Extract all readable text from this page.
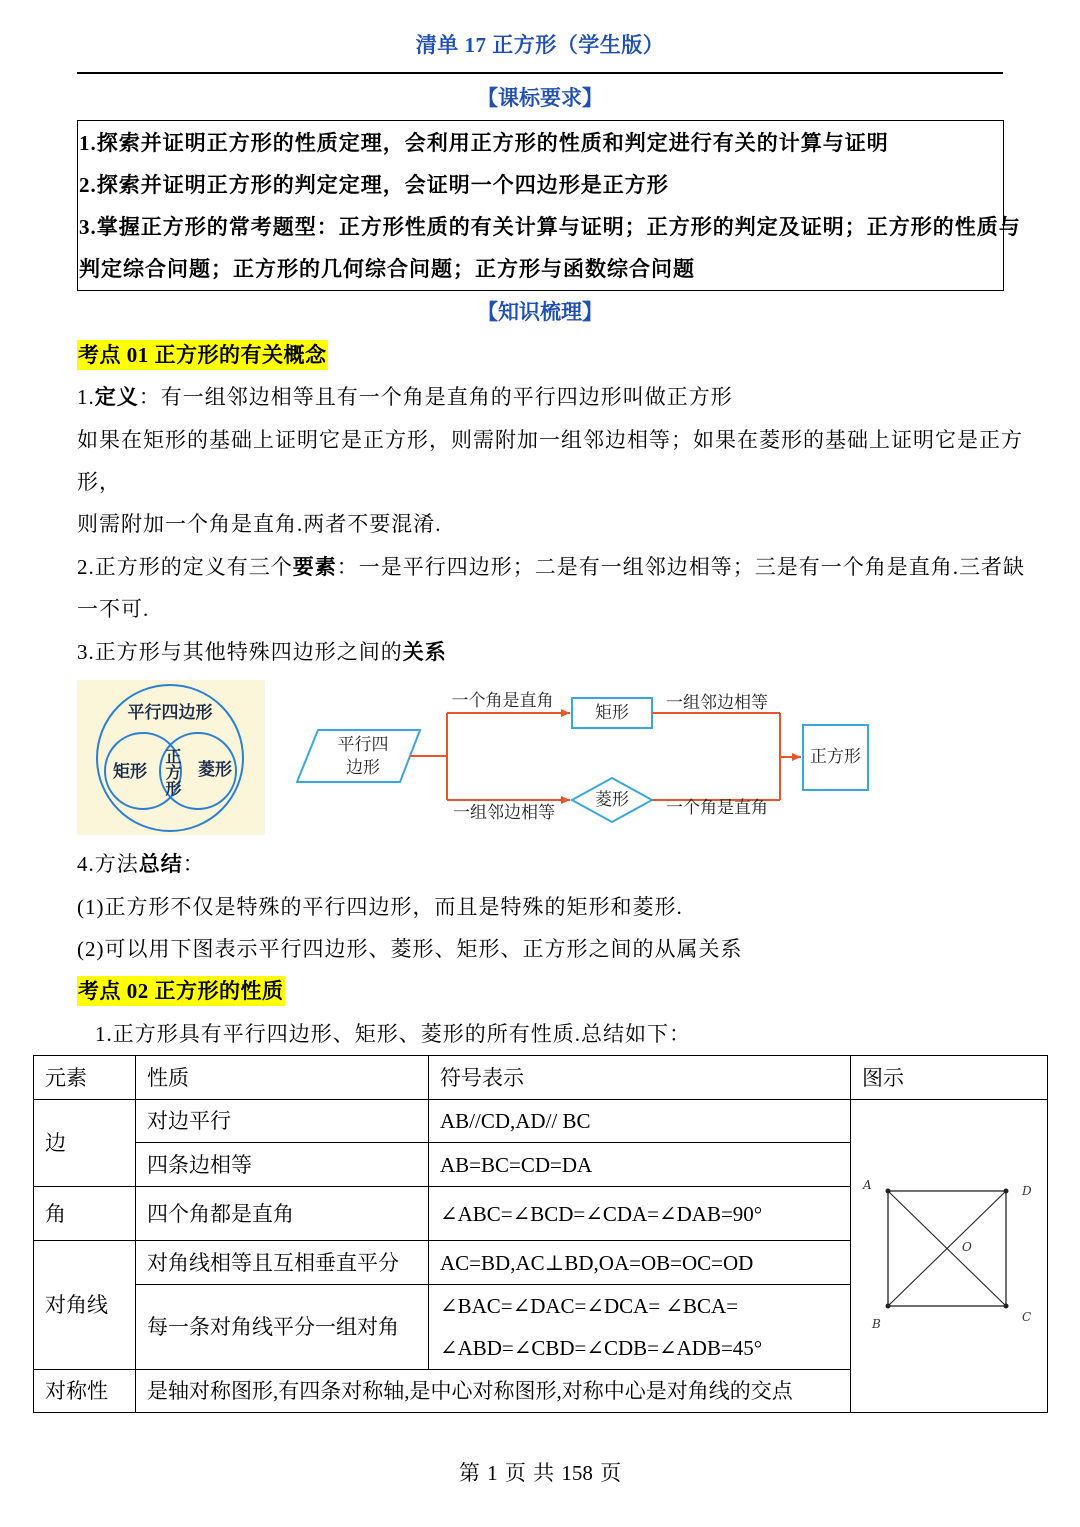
清单 17 正方形（学生版）
【课标要求】
1.探索并证明正方形的性质定理，会利用正方形的性质和判定进行有关的计算与证明
2.探索并证明正方形的判定定理，会证明一个四边形是正方形
3.掌握正方形的常考题型：正方形性质的有关计算与证明；正方形的判定及证明；正方形的性质与
判定综合问题；正方形的几何综合问题；正方形与函数综合问题
【知识梳理】
考点 01 正方形的有关概念
1.定义：有一组邻边相等且有一个角是直角的平行四边形叫做正方形
如果在矩形的基础上证明它是正方形，则需附加一组邻边相等；如果在菱形的基础上证明它是正方
形，
则需附加一个角是直角.两者不要混淆.
2.正方形的定义有三个要素：一是平行四边形；二是有一组邻边相等；三是有一个角是直角.三者缺
一不可.
3.正方形与其他特殊四边形之间的关系
平行四边形
矩形	菱形
正方形
平行四
边形
一个角是直角
矩形
一组邻边相等
一组邻边相等
菱形	一个角是直角
正方形
4.方法总结：
(1)正方形不仅是特殊的平行四边形，而且是特殊的矩形和菱形.
(2)可以用下图表示平行四边形、菱形、矩形、正方形之间的从属关系
考点 02 正方形的性质
1.正方形具有平行四边形、矩形、菱形的所有性质.总结如下：
元素	性质	符号表示	图示
边	对边平行	AB//CD,AD// BC	A D
O
B C

	四条边相等	AB=BC=CD=DA	
角	四个角都是直角	∠ABC=∠BCD=∠CDA=∠DAB=90°	
对角线	对角线相等且互相垂直平分	AC=BD,AC⊥BD,OA=OB=OC=OD	
	每一条对角线平分一组对角	∠BAC=∠DAC=∠DCA= ∠BCA=
∠ABD=∠CBD=∠CDB=∠ADB=45°	

对称性	是轴对称图形,有四条对称轴,是中心对称图形,对称中心是对角线的交点		
第 1 页 共 158 页
